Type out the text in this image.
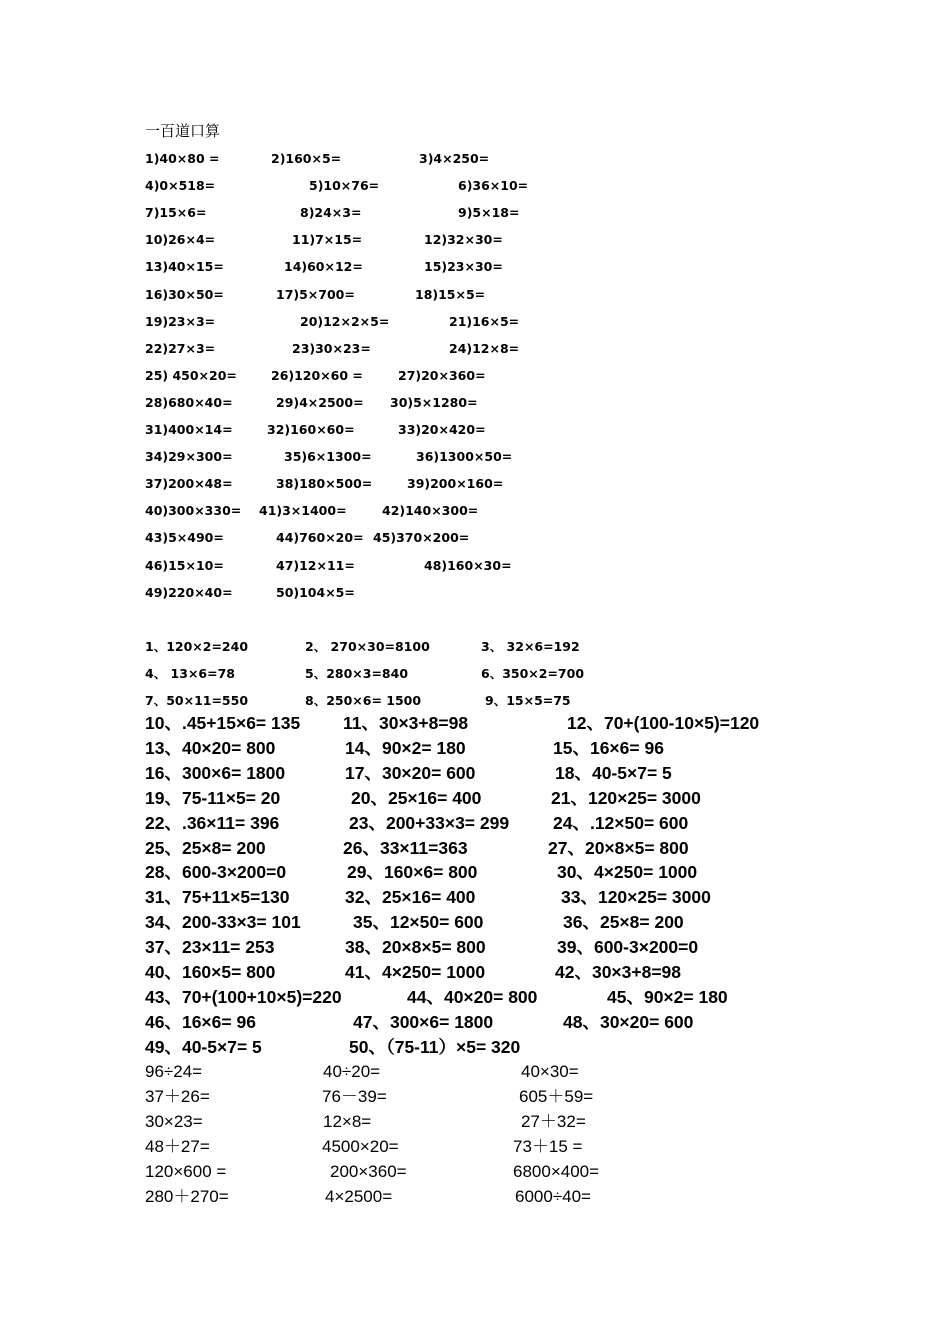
一百道口算
1)40×80 =	2)160×5=	3)4×250=
4)0×518=	5)10×76=	6)36×10=
7)15×6=	8)24×3=	9)5×18=
10)26×4=	11)7×15=	12)32×30=
13)40×15=	14)60×12=	15)23×30=
16)30×50=	17)5×700=	18)15×5=
19)23×3=	20)12×2×5=	21)16×5=
22)27×3=	23)30×23=	24)12×8=
25) 450×20=	26)120×60 =	27)20×360=
28)680×40=	29)4×2500= 30)5×1280=
31)400×14=	32)160×60=	33)20×420=
34)29×300=	35)6×1300=	36)1300×50=
37)200×48=	38)180×500=	39)200×160=
40)300×330= 41)3×1400=	42)140×300=
43)5×490=	44)760×20= 45)370×200=
46)15×10=	47)12×11=	48)160×30=
49)220×40=	50)104×5=
1、120×2=240	2、 270×30=8100	3、 32×6=192
4、 13×6=78	5、280×3=840	6、350×2=700
7、50×11=550	8、250×6= 1500	9、15×5=75
10、.45+15×6= 135 11、30×3+8=98	12、70+(100-10×5)=120
13、40×20= 800	14、90×2= 180	15、16×6= 96
16、300×6= 1800	17、30×20= 600	18、40-5×7= 5
19、75-11×5= 20	20、25×16= 400	21、120×25= 3000
22、.36×11= 396	23、200+33×3= 299	24、.12×50= 600
25、25×8= 200	26、33×11=363	27、20×8×5= 800
28、600-3×200=0	29、160×6= 800	30、4×250= 1000
31、75+11×5=130	32、25×16= 400	33、120×25= 3000
34、200-33×3= 101	35、12×50= 600	36、25×8= 200
37、23×11= 253	38、20×8×5= 800	39、600-3×200=0
40、160×5= 800	41、4×250= 1000	42、30×3+8=98
43、70+(100+10×5)=220	44、40×20= 800	45、90×2= 180
46、16×6= 96	47、300×6= 1800	48、30×20= 600
49、40-5×7= 5	50、（75-11）×5= 320
96÷24=	40÷20=	40×30=
37＋26=	76－39=	605＋59=
30×23=	12×8=	27＋32=
48＋27=	4500×20=	73＋15 =
120×600 =	200×360=	6800×400=
280＋270=	4×2500=	6000÷40=
